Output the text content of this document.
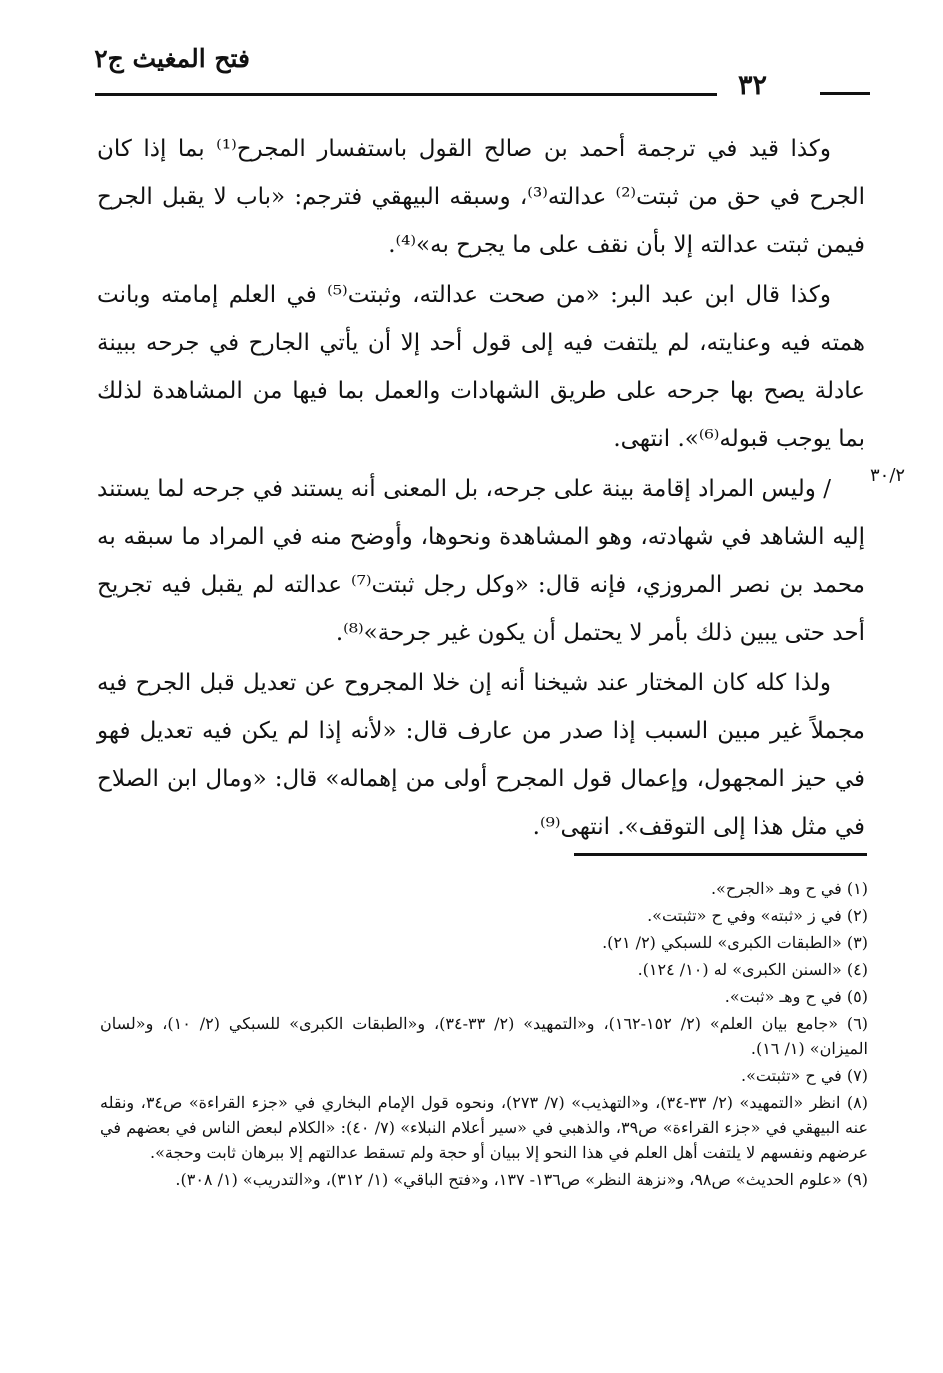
فتح المغيث ج٢
٣٢
٣٠/٢

وكذا قيد في ترجمة أحمد بن صالح القول باستفسار المجرح⁽¹⁾ بما إذا كان الجرح في حق من ثبتت⁽²⁾ عدالته⁽³⁾، وسبقه البيهقي فترجم: «باب لا يقبل الجرح فيمن ثبتت عدالته إلا بأن نقف على ما يجرح به»⁽⁴⁾.

وكذا قال ابن عبد البر: «من صحت عدالته، وثبتت⁽⁵⁾ في العلم إمامته وبانت همته فيه وعنايته، لم يلتفت فيه إلى قول أحد إلا أن يأتي الجارح في جرحه ببينة عادلة يصح بها جرحه على طريق الشهادات والعمل بما فيها من المشاهدة لذلك بما يوجب قبوله⁽⁶⁾». انتهى.

/ وليس المراد إقامة بينة على جرحه، بل المعنى أنه يستند في جرحه لما يستند إليه الشاهد في شهادته، وهو المشاهدة ونحوها، وأوضح منه في المراد ما سبقه به محمد بن نصر المروزي، فإنه قال: «وكل رجل ثبتت⁽⁷⁾ عدالته لم يقبل فيه تجريح أحد حتى يبين ذلك بأمر لا يحتمل أن يكون غير جرحة»⁽⁸⁾.

ولذا كله كان المختار عند شيخنا أنه إن خلا المجروح عن تعديل قبل الجرح فيه مجملاً غير مبين السبب إذا صدر من عارف قال: «لأنه إذا لم يكن فيه تعديل فهو في حيز المجهول، وإعمال قول المجرح أولى من إهماله» قال: «ومال ابن الصلاح في مثل هذا إلى التوقف». انتهى⁽⁹⁾.

(١) في ح وهـ «الجرح».
(٢) في ز «ثبته» وفي ح «تثبتت».
(٣) «الطبقات الكبرى» للسبكي (٢/ ٢١).
(٤) «السنن الكبرى» له (١٠/ ١٢٤).
(٥) في ح وهـ «ثبت».
(٦) «جامع بيان العلم» (٢/ ١٥٢-١٦٢)، و«التمهيد» (٢/ ٣٣-٣٤)، و«الطبقات الكبرى» للسبكي (٢/ ١٠)، و«لسان الميزان» (١/ ١٦).
(٧) في ح «تثبتت».
(٨) انظر «التمهيد» (٢/ ٣٣-٣٤)، و«التهذيب» (٧/ ٢٧٣)، ونحوه قول الإمام البخاري في «جزء القراءة» ص٣٤، ونقله عنه البيهقي في «جزء القراءة» ص٣٩، والذهبي في «سير أعلام النبلاء» (٧/ ٤٠): «الكلام لبعض الناس في بعضهم في عرضهم ونفسهم لا يلتفت أهل العلم في هذا النحو إلا ببيان أو حجة ولم تسقط عدالتهم إلا ببرهان ثابت وحجة».
(٩) «علوم الحديث» ص٩٨، و«نزهة النظر» ص١٣٦- ١٣٧، و«فتح الباقي» (١/ ٣١٢)، و«التدريب» (١/ ٣٠٨).
